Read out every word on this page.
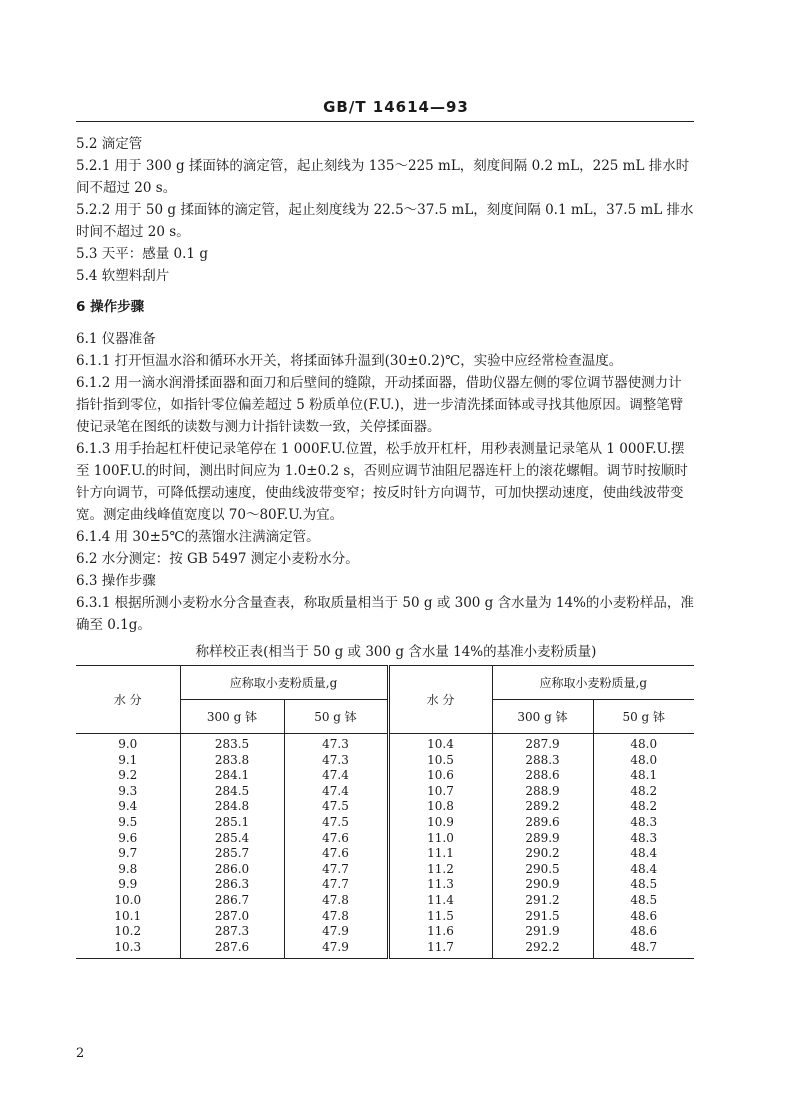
GB/T 14614—93

5.2 滴定管

5.2.1 用于 300 g 揉面钵的滴定管，起止刻线为 135～225 mL，刻度间隔 0.2 mL，225 mL 排水时间不超过 20 s。

5.2.2 用于 50 g 揉面钵的滴定管，起止刻度线为 22.5～37.5 mL，刻度间隔 0.1 mL，37.5 mL 排水时间不超过 20 s。

5.3 天平：感量 0.1 g

5.4 软塑料刮片

6 操作步骤

6.1 仪器准备

6.1.1 打开恒温水浴和循环水开关，将揉面钵升温到(30±0.2)℃，实验中应经常检查温度。

6.1.2 用一滴水润滑揉面器和面刀和后壁间的缝隙，开动揉面器，借助仪器左侧的零位调节器使测力计指针指到零位，如指针零位偏差超过 5 粉质单位(F.U.)，进一步清洗揉面钵或寻找其他原因。调整笔臂使记录笔在图纸的读数与测力计指针读数一致，关停揉面器。

6.1.3 用手抬起杠杆使记录笔停在 1 000F.U.位置，松手放开杠杆，用秒表测量记录笔从 1 000F.U.摆至 100F.U.的时间，测出时间应为 1.0±0.2 s，否则应调节油阻尼器连杆上的滚花螺帽。调节时按顺时针方向调节，可降低摆动速度，使曲线波带变窄；按反时针方向调节，可加快摆动速度，使曲线波带变宽。测定曲线峰值宽度以 70～80F.U.为宜。

6.1.4 用 30±5℃的蒸馏水注满滴定管。

6.2 水分测定：按 GB 5497 测定小麦粉水分。

6.3 操作步骤

6.3.1 根据所测小麦粉水分含量查表，称取质量相当于 50 g 或 300 g 含水量为 14%的小麦粉样品，准确至 0.1g。

称样校正表(相当于 50 g 或 300 g 含水量 14%的基准小麦粉质量)
水 分	应称取小麦粉质量,g		水 分	应称取小麦粉质量,g	
	300 g 钵	50 g 钵		300 g 钵	50 g 钵
9.0	283.5	47.3	10.4	287.9	48.0
9.1	283.8	47.3	10.5	288.3	48.0
9.2	284.1	47.4	10.6	288.6	48.1
9.3	284.5	47.4	10.7	288.9	48.2
9.4	284.8	47.5	10.8	289.2	48.2
9.5	285.1	47.5	10.9	289.6	48.3
9.6	285.4	47.6	11.0	289.9	48.3
9.7	285.7	47.6	11.1	290.2	48.4
9.8	286.0	47.7	11.2	290.5	48.4
9.9	286.3	47.7	11.3	290.9	48.5
10.0	286.7	47.8	11.4	291.2	48.5
10.1	287.0	47.8	11.5	291.5	48.6
10.2	287.3	47.9	11.6	291.9	48.6
10.3	287.6	47.9	11.7	292.2	48.7
2
